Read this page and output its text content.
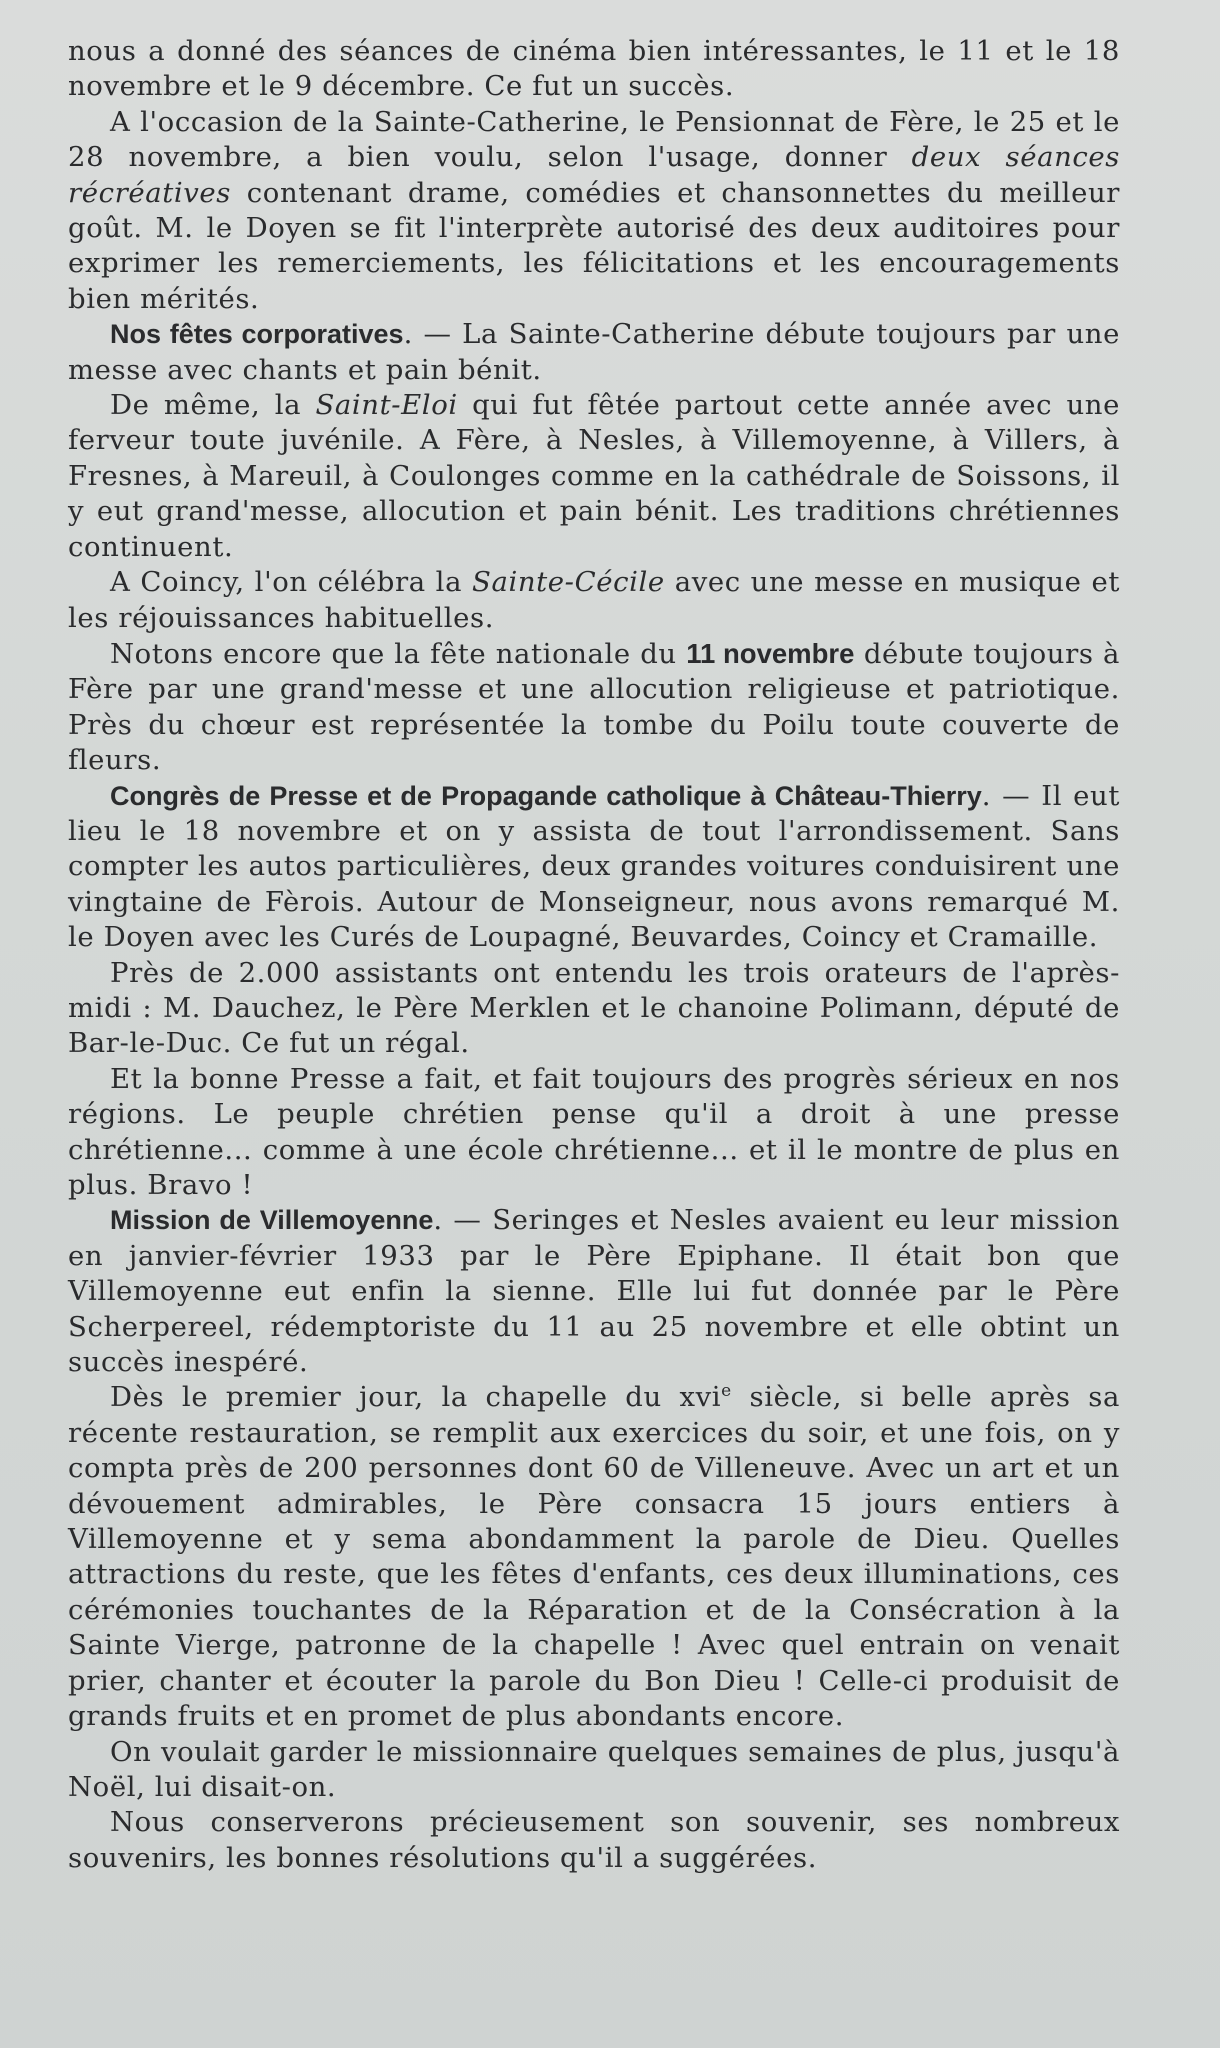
nous a donné des séances de cinéma bien intéressantes, le 11 et le 18 novembre et le 9 décembre. Ce fut un succès.

A l'occasion de la Sainte-Catherine, le Pensionnat de Fère, le 25 et le 28 novembre, a bien voulu, selon l'usage, donner deux séances récréatives contenant drame, comédies et chansonnettes du meilleur goût. M. le Doyen se fit l'interprète autorisé des deux auditoires pour exprimer les remerciements, les félicitations et les encouragements bien mérités.

Nos fêtes corporatives. — La Sainte-Catherine débute toujours par une messe avec chants et pain bénit.

De même, la Saint-Eloi qui fut fêtée partout cette année avec une ferveur toute juvénile. A Fère, à Nesles, à Villemoyenne, à Villers, à Fresnes, à Mareuil, à Coulonges comme en la cathédrale de Soissons, il y eut grand'messe, allocution et pain bénit. Les traditions chrétiennes continuent.

A Coincy, l'on célébra la Sainte-Cécile avec une messe en musique et les réjouissances habituelles.

Notons encore que la fête nationale du 11 novembre débute toujours à Fère par une grand'messe et une allocution religieuse et patriotique. Près du chœur est représentée la tombe du Poilu toute couverte de fleurs.

Congrès de Presse et de Propagande catholique à Château-Thierry. — Il eut lieu le 18 novembre et on y assista de tout l'arrondissement. Sans compter les autos particulières, deux grandes voitures conduisirent une vingtaine de Fèrois. Autour de Monseigneur, nous avons remarqué M. le Doyen avec les Curés de Loupagné, Beuvardes, Coincy et Cramaille.

Près de 2.000 assistants ont entendu les trois orateurs de l'après-midi : M. Dauchez, le Père Merklen et le chanoine Polimann, député de Bar-le-Duc. Ce fut un régal.

Et la bonne Presse a fait, et fait toujours des progrès sérieux en nos régions. Le peuple chrétien pense qu'il a droit à une presse chrétienne... comme à une école chrétienne... et il le montre de plus en plus. Bravo !

Mission de Villemoyenne. — Seringes et Nesles avaient eu leur mission en janvier-février 1933 par le Père Epiphane. Il était bon que Villemoyenne eut enfin la sienne. Elle lui fut donnée par le Père Scherpereel, rédemptoriste du 11 au 25 novembre et elle obtint un succès inespéré.

Dès le premier jour, la chapelle du xvi$^e$ siècle, si belle après sa récente restauration, se remplit aux exercices du soir, et une fois, on y compta près de 200 personnes dont 60 de Villeneuve. Avec un art et un dévouement admirables, le Père consacra 15 jours entiers à Villemoyenne et y sema abondamment la parole de Dieu. Quelles attractions du reste, que les fêtes d'enfants, ces deux illuminations, ces cérémonies touchantes de la Réparation et de la Consécration à la Sainte Vierge, patronne de la chapelle ! Avec quel entrain on venait prier, chanter et écouter la parole du Bon Dieu ! Celle-ci produisit de grands fruits et en promet de plus abondants encore.

On voulait garder le missionnaire quelques semaines de plus, jusqu'à Noël, lui disait-on.

Nous conserverons précieusement son souvenir, ses nombreux souvenirs, les bonnes résolutions qu'il a suggérées.
